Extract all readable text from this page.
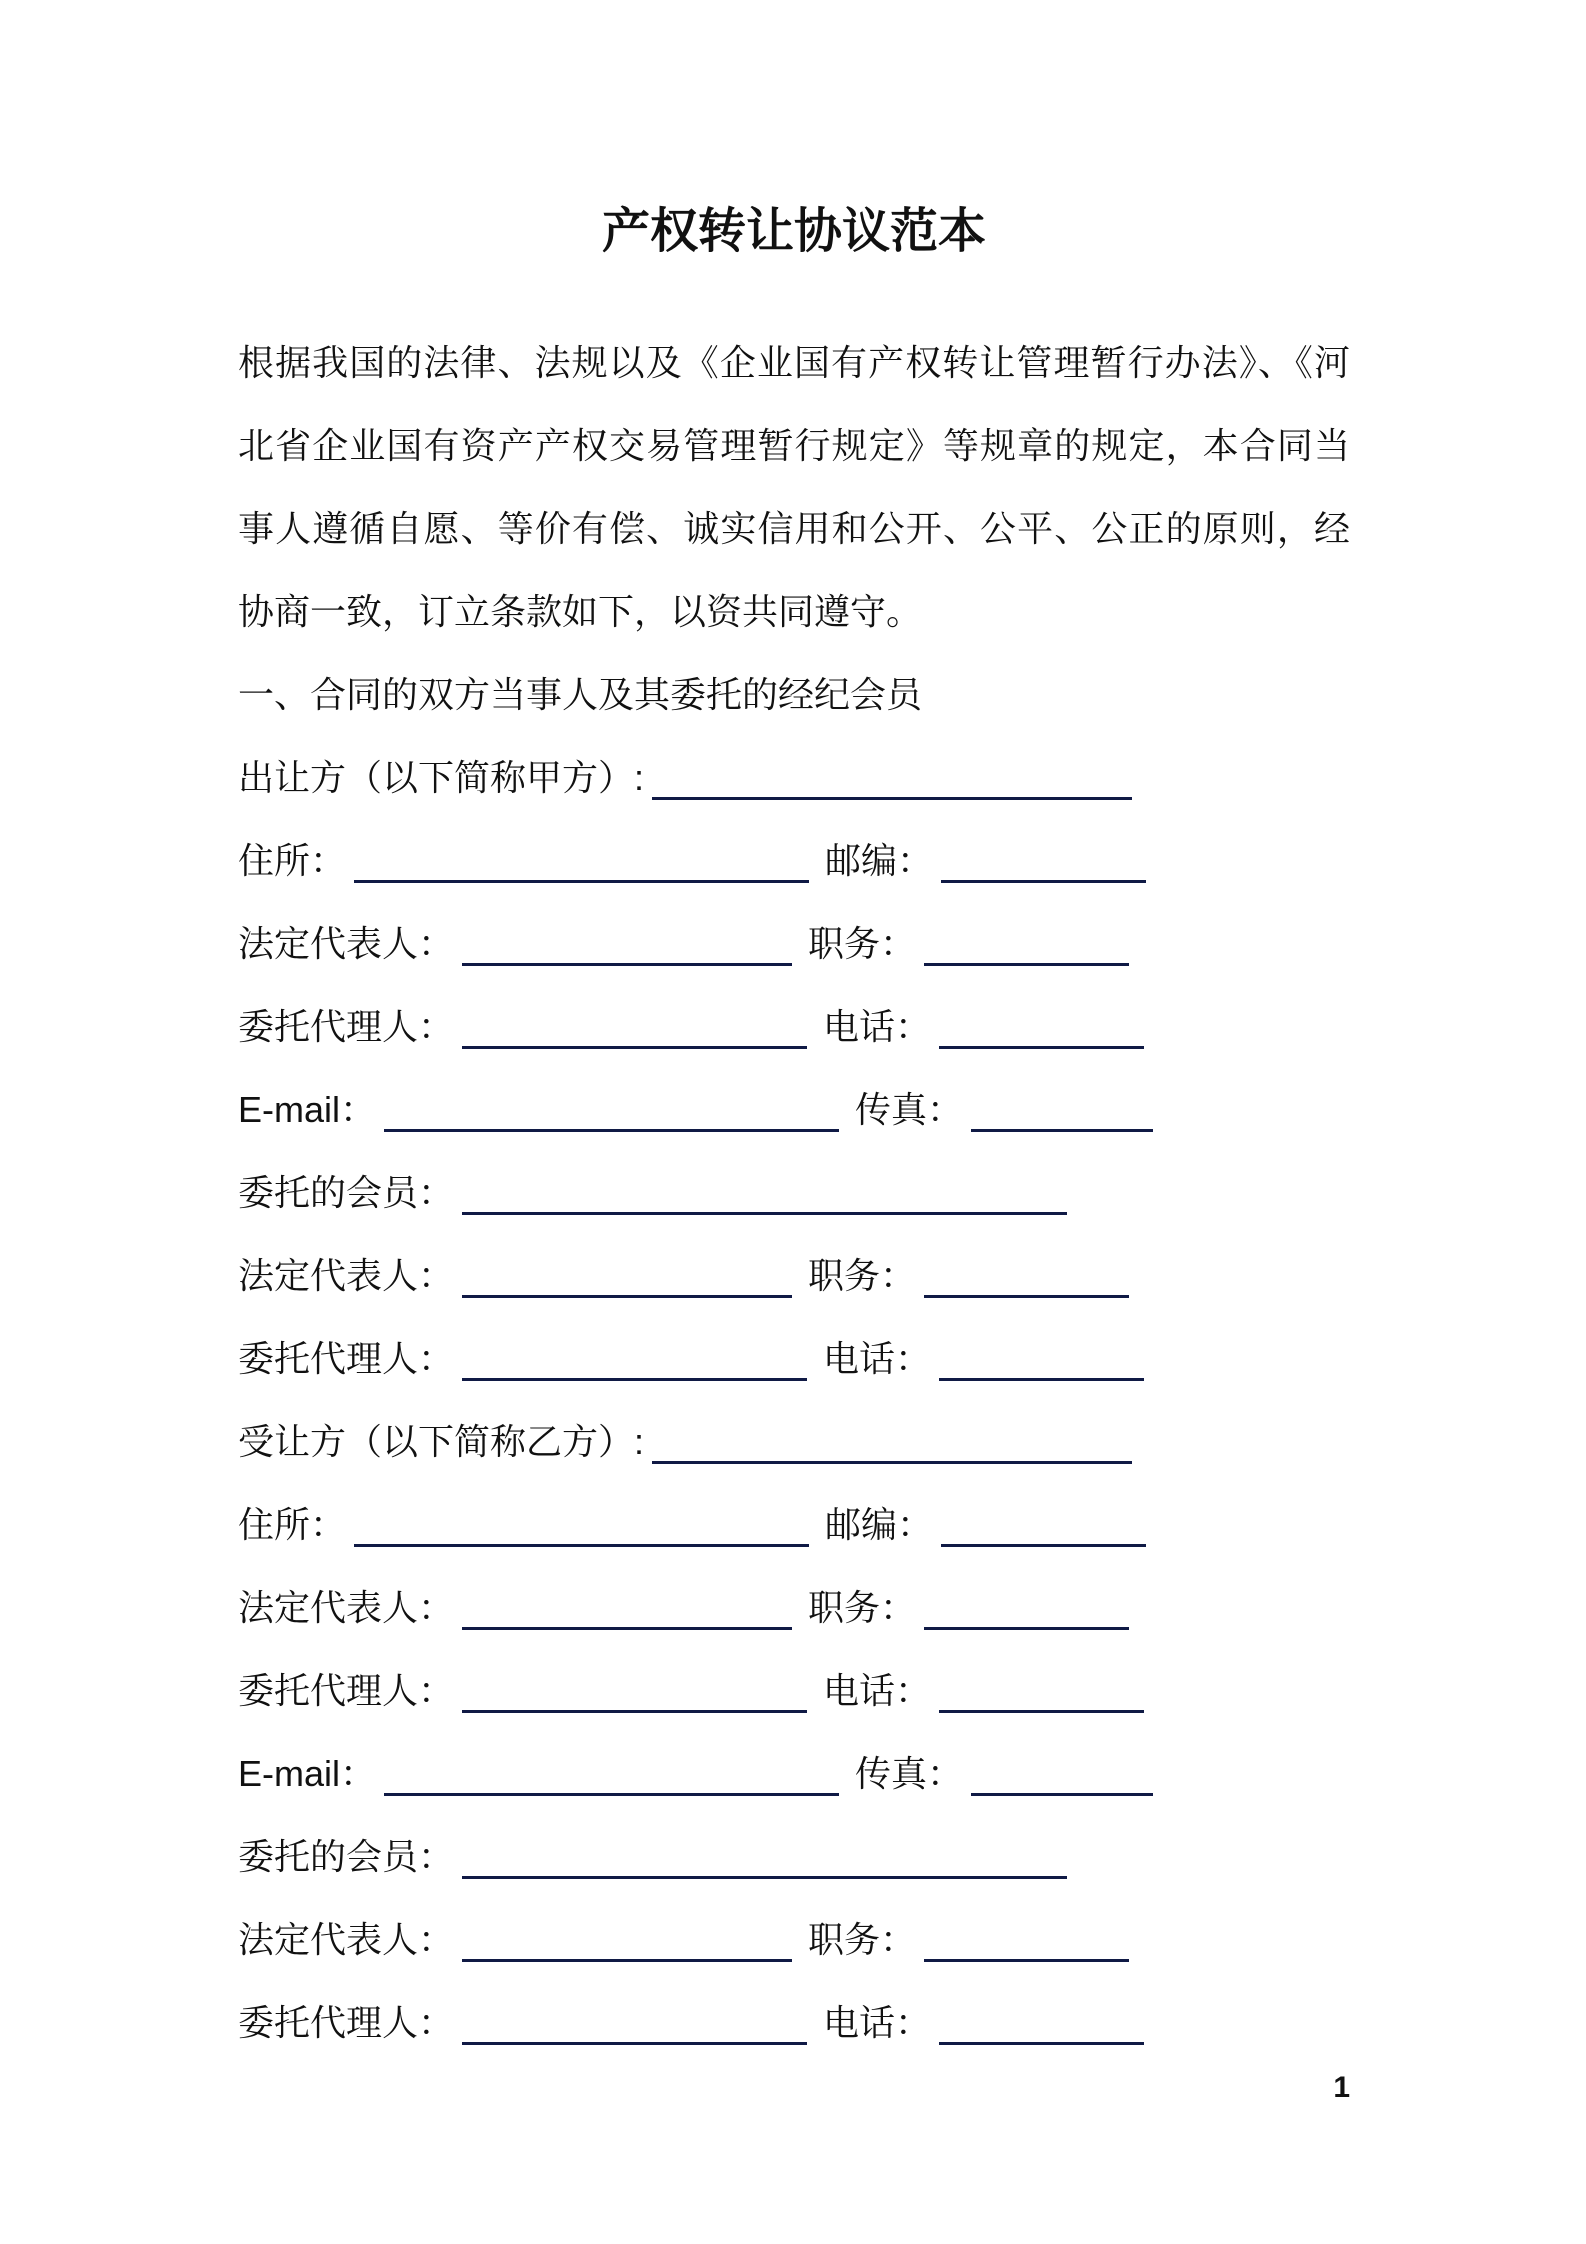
产权转让协议范本

根据我国的法律、法规以及《企业国有产权转让管理暂行办法》、《河北省企业国有资产产权交易管理暂行规定》等规章的规定，本合同当事人遵循自愿、等价有偿、诚实信用和公开、公平、公正的原则，经协商一致，订立条款如下，以资共同遵守。

一、合同的双方当事人及其委托的经纪会员

出让方（以下简称甲方）:
住所：	邮编：
法定代表人：	职务：
委托代理人：	电话：
E-mail：	传真：
委托的会员：
法定代表人：	职务：
委托代理人：	电话：
受让方（以下简称乙方）:
住所：	邮编：
法定代表人：	职务：
委托代理人：	电话：
E-mail：	传真：
委托的会员：
法定代表人：	职务：
委托代理人：	电话：
1
